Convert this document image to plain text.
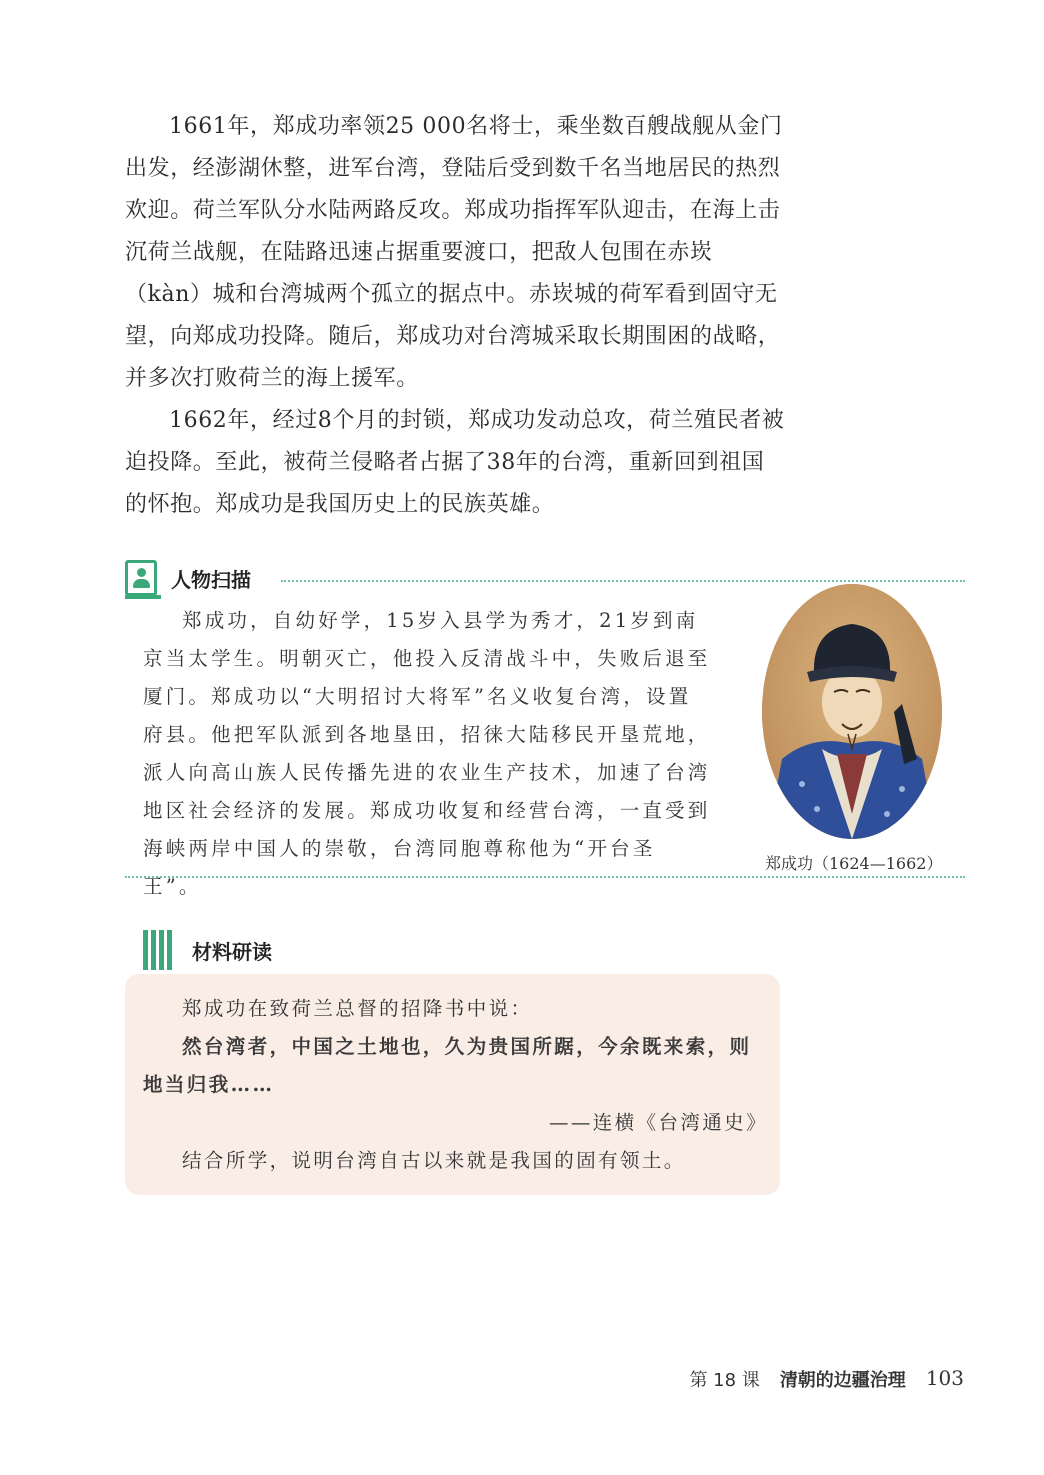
1661年，郑成功率领25 000名将士，乘坐数百艘战舰从金门出发，经澎湖休整，进军台湾，登陆后受到数千名当地居民的热烈欢迎。荷兰军队分水陆两路反攻。郑成功指挥军队迎击，在海上击沉荷兰战舰，在陆路迅速占据重要渡口，把敌人包围在赤崁（kàn）城和台湾城两个孤立的据点中。赤崁城的荷军看到固守无望，向郑成功投降。随后，郑成功对台湾城采取长期围困的战略，并多次打败荷兰的海上援军。

1662年，经过8个月的封锁，郑成功发动总攻，荷兰殖民者被迫投降。至此，被荷兰侵略者占据了38年的台湾，重新回到祖国的怀抱。郑成功是我国历史上的民族英雄。

人物扫描

郑成功，自幼好学，15岁入县学为秀才，21岁到南京当太学生。明朝灭亡，他投入反清战斗中，失败后退至厦门。郑成功以“大明招讨大将军”名义收复台湾，设置府县。他把军队派到各地垦田，招徕大陆移民开垦荒地，派人向高山族人民传播先进的农业生产技术，加速了台湾地区社会经济的发展。郑成功收复和经营台湾，一直受到海峡两岸中国人的崇敬，台湾同胞尊称他为“开台圣王”。

郑成功（1624—1662）
材料研读

郑成功在致荷兰总督的招降书中说：

然台湾者，中国之土地也，久为贵国所踞，今余既来索，则地当归我……

——连横《台湾通史》

结合所学，说明台湾自古以来就是我国的固有领土。

第 18 课 清朝的边疆治理 103
